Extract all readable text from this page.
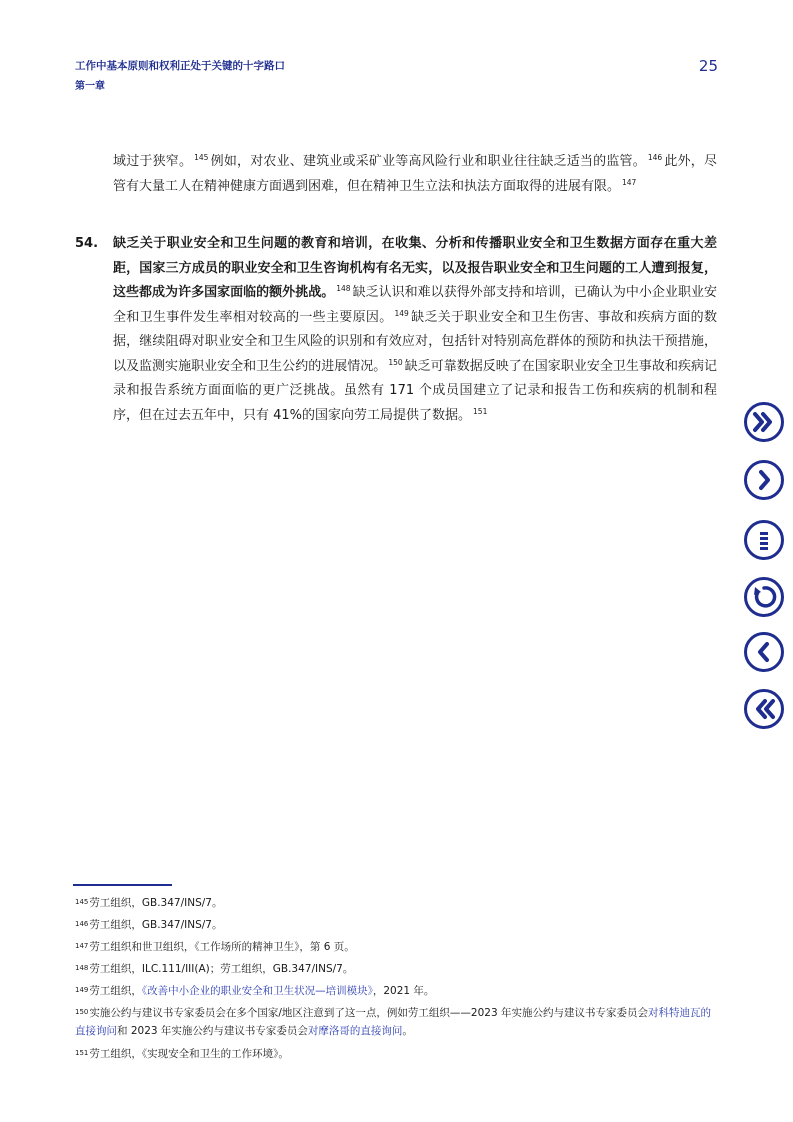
工作中基本原则和权利正处于关键的十字路口
第一章
25
域过于狭窄。 $^{145}$ 例如，对农业、建筑业或采矿业等高风险行业和职业往往缺乏适当的监管。 $^{146}$ 此外，尽管有大量工人在精神健康方面遇到困难，但在精神卫生立法和执法方面取得的进展有限。 $^{147}$
54. 缺乏关于职业安全和卫生问题的教育和培训，在收集、分析和传播职业安全和卫生数据方面存在重大差距，国家三方成员的职业安全和卫生咨询机构有名无实，以及报告职业安全和卫生问题的工人遭到报复，这些都成为许多国家面临的额外挑战。 $^{148}$ 缺乏认识和难以获得外部支持和培训，已确认为中小企业职业安全和卫生事件发生率相对较高的一些主要原因。 $^{149}$ 缺乏关于职业安全和卫生伤害、事故和疾病方面的数据，继续阻碍对职业安全和卫生风险的识别和有效应对，包括针对特别高危群体的预防和执法干预措施，以及监测实施职业安全和卫生公约的进展情况。 $^{150}$ 缺乏可靠数据反映了在国家职业安全卫生事故和疾病记录和报告系统方面面临的更广泛挑战。虽然有 171 个成员国建立了记录和报告工伤和疾病的机制和程序，但在过去五年中，只有 41%的国家向劳工局提供了数据。 $^{151}$
145劳工组织，GB.347/INS/7。
146劳工组织，GB.347/INS/7。
147劳工组织和世卫组织，《工作场所的精神卫生》，第 6 页。
148劳工组织，ILC.111/III(A)；劳工组织，GB.347/INS/7。
149劳工组织，《改善中小企业的职业安全和卫生状况—培训模块》，2021 年。
150实施公约与建议书专家委员会在多个国家/地区注意到了这一点，例如劳工组织——2023 年实施公约与建议书专家委员会对科特迪瓦的直接询问和 2023 年实施公约与建议书专家委员会对摩洛哥的直接询问。
151劳工组织，《实现安全和卫生的工作环境》。
